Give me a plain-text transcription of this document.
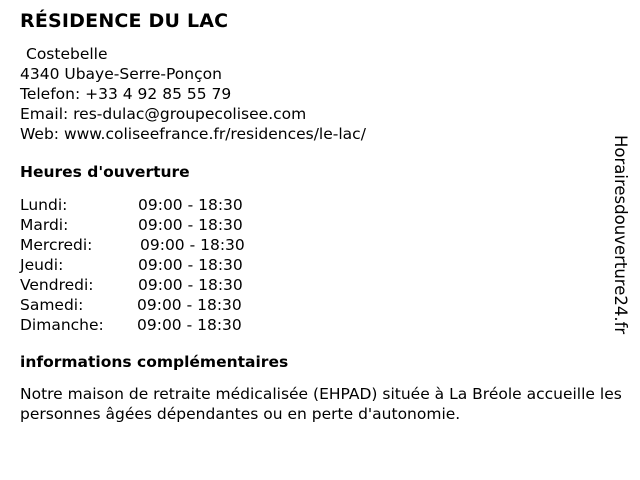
RÉSIDENCE DU LAC
Costebelle
4340 Ubaye-Serre-Ponçon
Telefon: +33 4 92 85 55 79
Email: res-dulac@groupecolisee.com
Web: www.coliseefrance.fr/residences/le-lac/
Heures d'ouverture
Lundi:	09:00 - 18:30
Mardi:	09:00 - 18:30
Mercredi:	09:00 - 18:30
Jeudi:	09:00 - 18:30
Vendredi:	09:00 - 18:30
Samedi:	09:00 - 18:30
Dimanche: 09:00 - 18:30
informations complémentaires
Notre maison de retraite médicalisée (EHPAD) située à La Bréole accueille les personnes âgées dépendantes ou en perte d'autonomie.
Horairesdouverture24.fr
